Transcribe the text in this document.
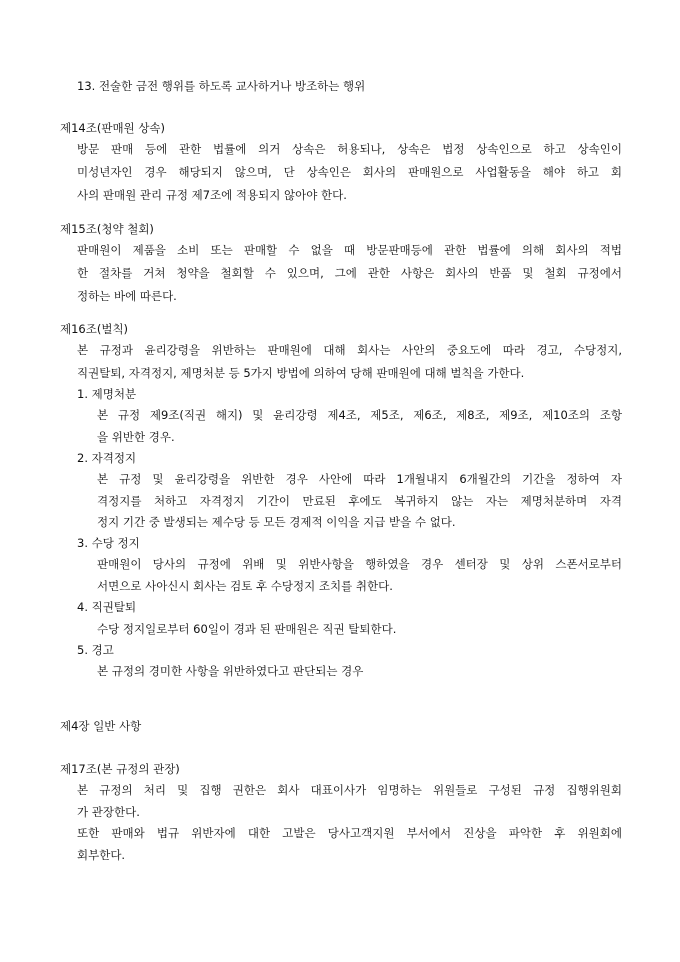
13. 전술한 금전 행위를 하도록 교사하거나 방조하는 행위
제14조(판매원 상속)
방문 판매 등에 관한 법률에 의거 상속은 허용되나, 상속은 법정 상속인으로 하고 상속인이
미성년자인 경우 해당되지 않으며, 단 상속인은 회사의 판매원으로 사업활동을 해야 하고 회
사의 판매원 관리 규정 제7조에 적용되지 않아야 한다.
제15조(청약 철회)
판매원이 제품을 소비 또는 판매할 수 없을 때 방문판매등에 관한 법률에 의해 회사의 적법
한 절차를 거쳐 청약을 철회할 수 있으며, 그에 관한 사항은 회사의 반품 및 철회 규정에서
정하는 바에 따른다.
제16조(벌칙)
본 규정과 윤리강령을 위반하는 판매원에 대해 회사는 사안의 중요도에 따라 경고, 수당정지,
직권탈퇴, 자격정지, 제명처분 등 5가지 방법에 의하여 당해 판매원에 대해 벌칙을 가한다.
1. 제명처분
본 규정 제9조(직권 해지) 및 윤리강령 제4조, 제5조, 제6조, 제8조, 제9조, 제10조의 조항
을 위반한 경우.
2. 자격정지
본 규정 및 윤리강령을 위반한 경우 사안에 따라 1개월내지 6개월간의 기간을 정하여 자
격정지를 처하고 자격정지 기간이 만료된 후에도 복귀하지 않는 자는 제명처분하며 자격
정지 기간 중 발생되는 제수당 등 모든 경제적 이익을 지급 받을 수 없다.
3. 수당 정지
판매원이 당사의 규정에 위배 및 위반사항을 행하였을 경우 센터장 및 상위 스폰서로부터
서면으로 사아신시 회사는 검토 후 수당정지 조치를 취한다.
4. 직권탈퇴
수당 정지일로부터 60일이 경과 된 판매원은 직권 탈퇴한다.
5. 경고
본 규정의 경미한 사항을 위반하였다고 판단되는 경우
제4장 일반 사항
제17조(본 규정의 관장)
본 규정의 처리 및 집행 권한은 회사 대표이사가 임명하는 위원들로 구성된 규정 집행위원회
가 관장한다.
또한 판매와 법규 위반자에 대한 고발은 당사고객지원 부서에서 진상을 파악한 후 위원회에
회부한다.
